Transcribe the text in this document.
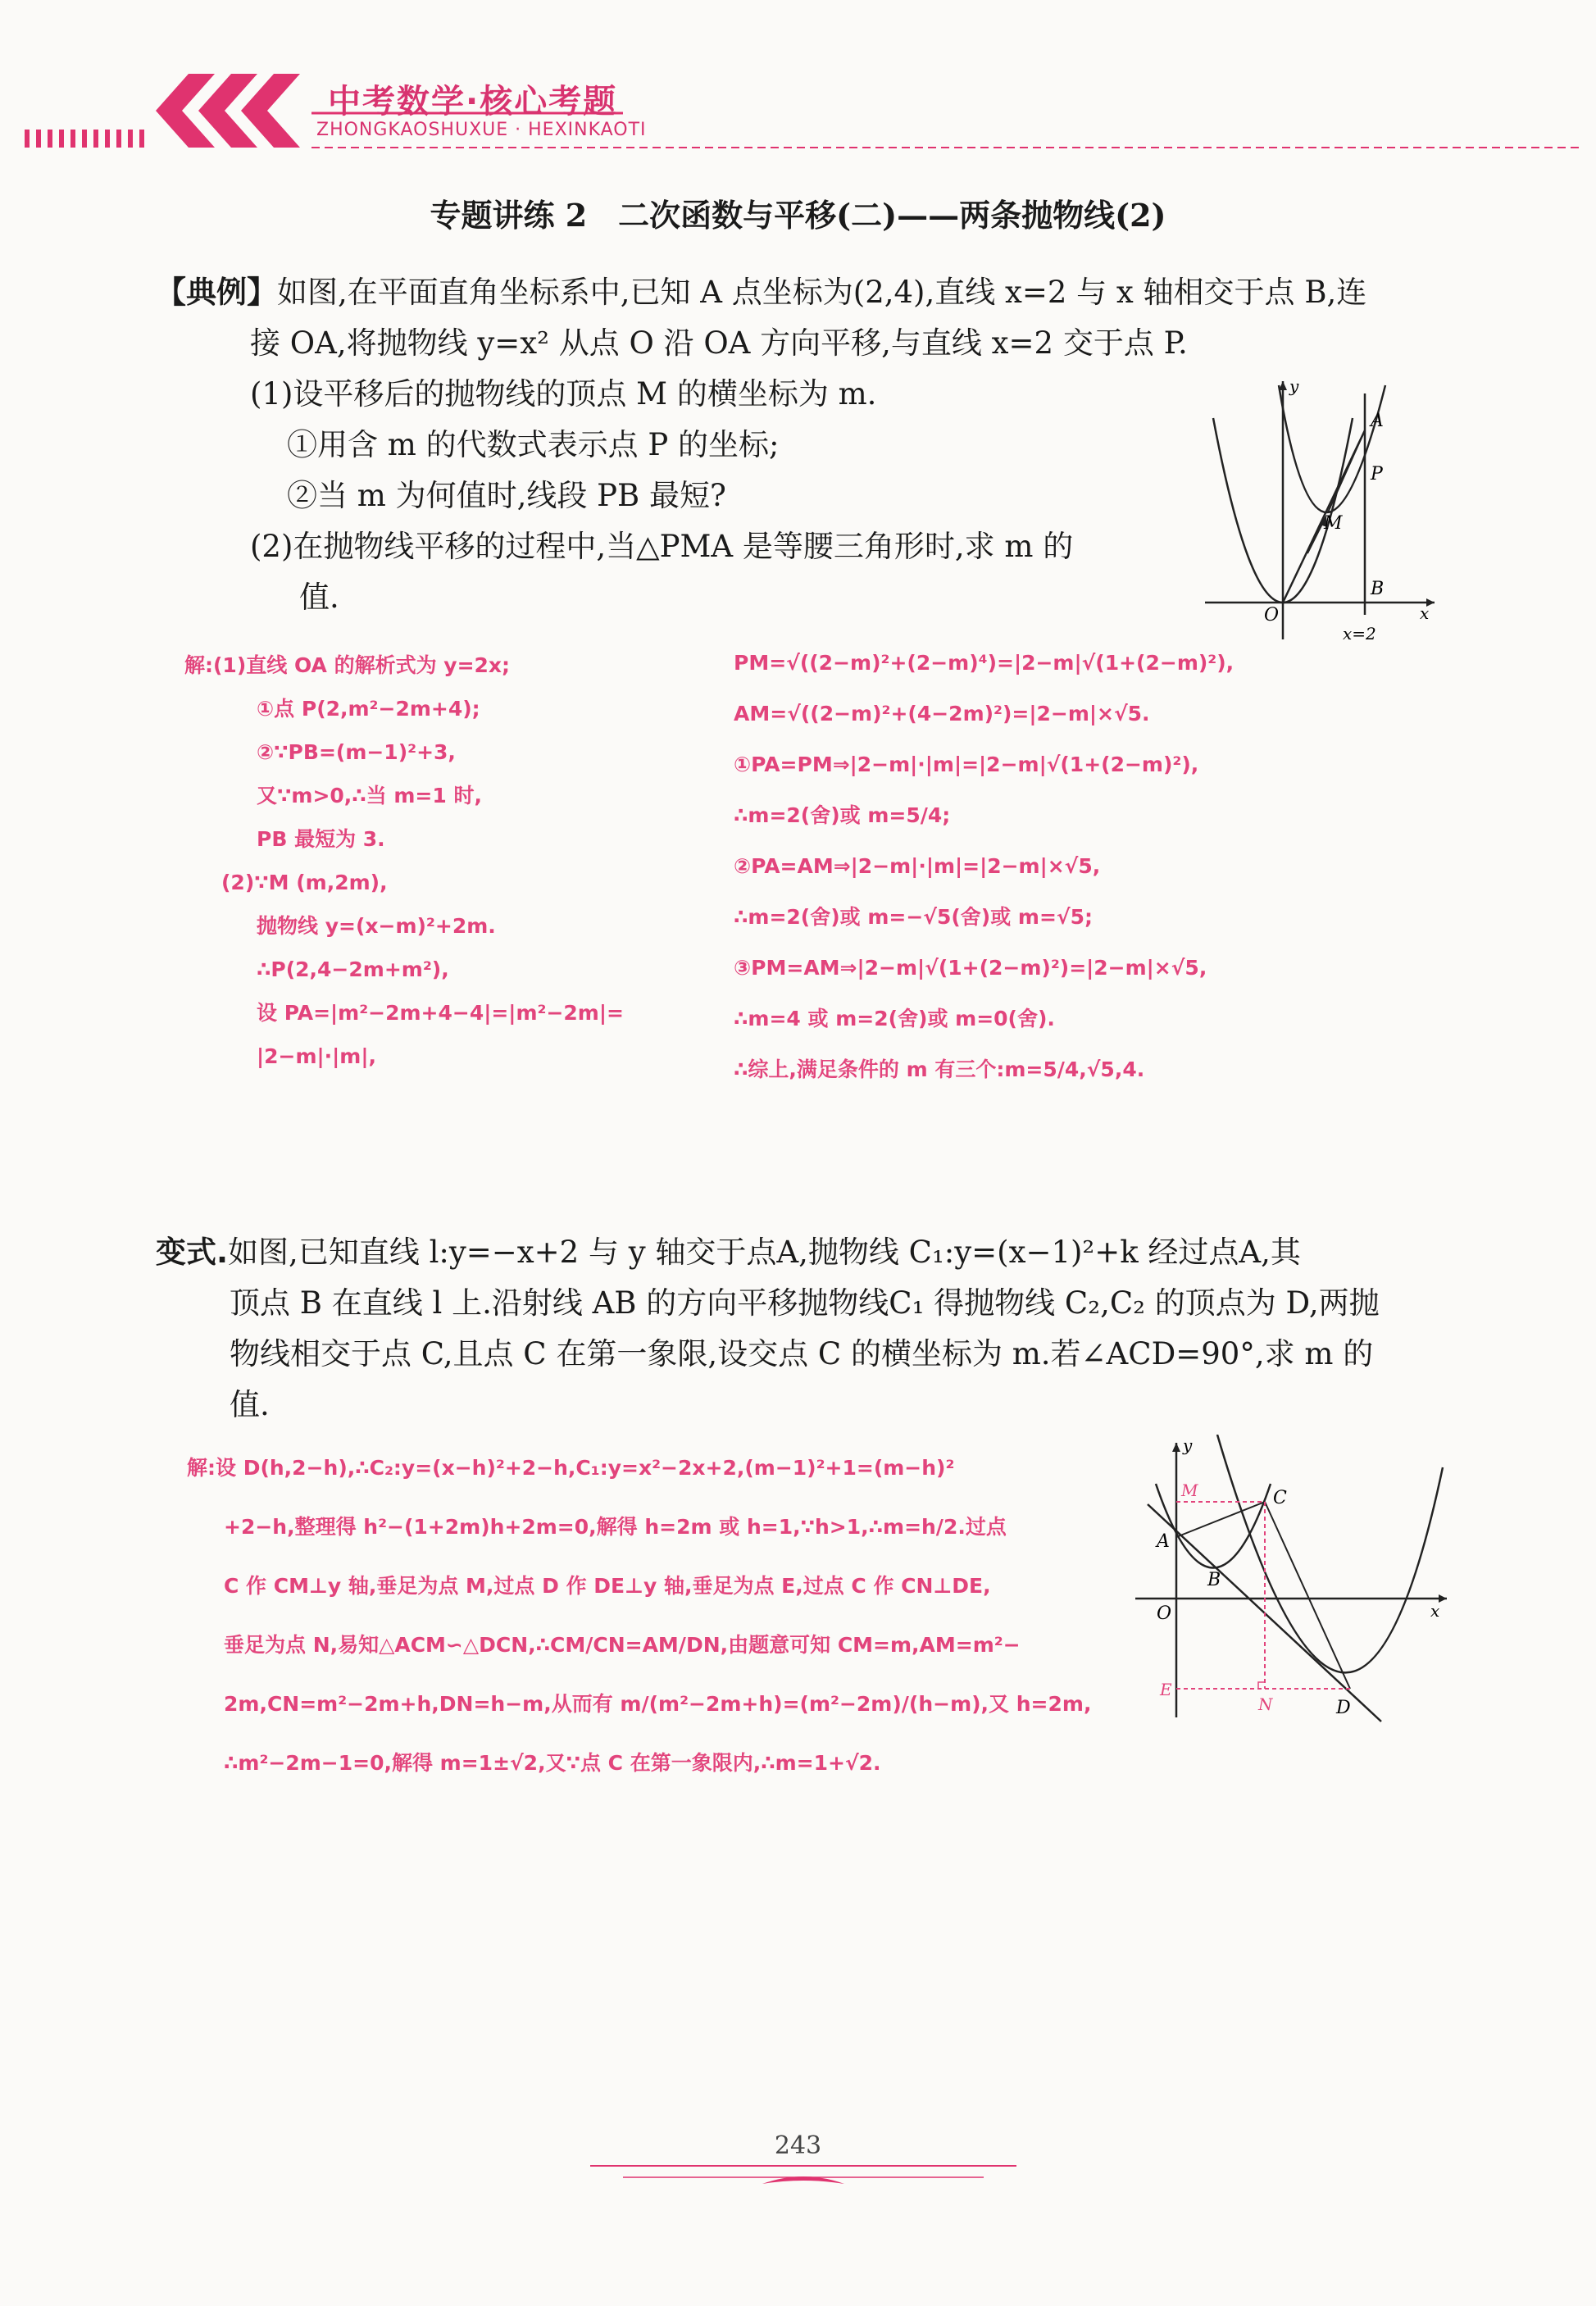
中考数学·核心考题
ZHONGKAOSHUXUE · HEXINKAOTI
专题讲练 2　二次函数与平移(二)——两条抛物线(2)
【典例】如图,在平面直角坐标系中,已知 A 点坐标为(2,4),直线 x=2 与 x 轴相交于点 B,连
接 OA,将抛物线 y=x² 从点 O 沿 OA 方向平移,与直线 x=2 交于点 P.
(1)设平移后的抛物线的顶点 M 的横坐标为 m.
①用含 m 的代数式表示点 P 的坐标;
②当 m 为何值时,线段 PB 最短?
(2)在抛物线平移的过程中,当△PMA 是等腰三角形时,求 m 的
值.
y
A
P
M
B
O	x
x=2
解:(1)直线 OA 的解析式为 y=2x;
①点 P(2,m²−2m+4);
②∵PB=(m−1)²+3,
又∵m>0,∴当 m=1 时,
PB 最短为 3.
(2)∵M (m,2m),
抛物线 y=(x−m)²+2m.
∴P(2,4−2m+m²),
设 PA=|m²−2m+4−4|=|m²−2m|=
|2−m|·|m|,
PM=√((2−m)²+(2−m)⁴)=|2−m|√(1+(2−m)²),
AM=√((2−m)²+(4−2m)²)=|2−m|×√5.
①PA=PM⇒|2−m|·|m|=|2−m|√(1+(2−m)²),
∴m=2(舍)或 m=5/4;
②PA=AM⇒|2−m|·|m|=|2−m|×√5,
∴m=2(舍)或 m=−√5(舍)或 m=√5;
③PM=AM⇒|2−m|√(1+(2−m)²)=|2−m|×√5,
∴m=4 或 m=2(舍)或 m=0(舍).
∴综上,满足条件的 m 有三个:m=5/4,√5,4.
变式.如图,已知直线 l:y=−x+2 与 y 轴交于点A,抛物线 C₁:y=(x−1)²+k 经过点A,其
顶点 B 在直线 l 上.沿射线 AB 的方向平移抛物线C₁ 得抛物线 C₂,C₂ 的顶点为 D,两抛
物线相交于点 C,且点 C 在第一象限,设交点 C 的横坐标为 m.若∠ACD=90°,求 m 的
值.
y
M	C
A
B
O	x
E
N	D
解:设 D(h,2−h),∴C₂:y=(x−h)²+2−h,C₁:y=x²−2x+2,(m−1)²+1=(m−h)²
+2−h,整理得 h²−(1+2m)h+2m=0,解得 h=2m 或 h=1,∵h>1,∴m=h/2.过点
C 作 CM⊥y 轴,垂足为点 M,过点 D 作 DE⊥y 轴,垂足为点 E,过点 C 作 CN⊥DE,
垂足为点 N,易知△ACM∽△DCN,∴CM/CN=AM/DN,由题意可知 CM=m,AM=m²−
2m,CN=m²−2m+h,DN=h−m,从而有 m/(m²−2m+h)=(m²−2m)/(h−m),又 h=2m,
∴m²−2m−1=0,解得 m=1±√2,又∵点 C 在第一象限内,∴m=1+√2.
243
